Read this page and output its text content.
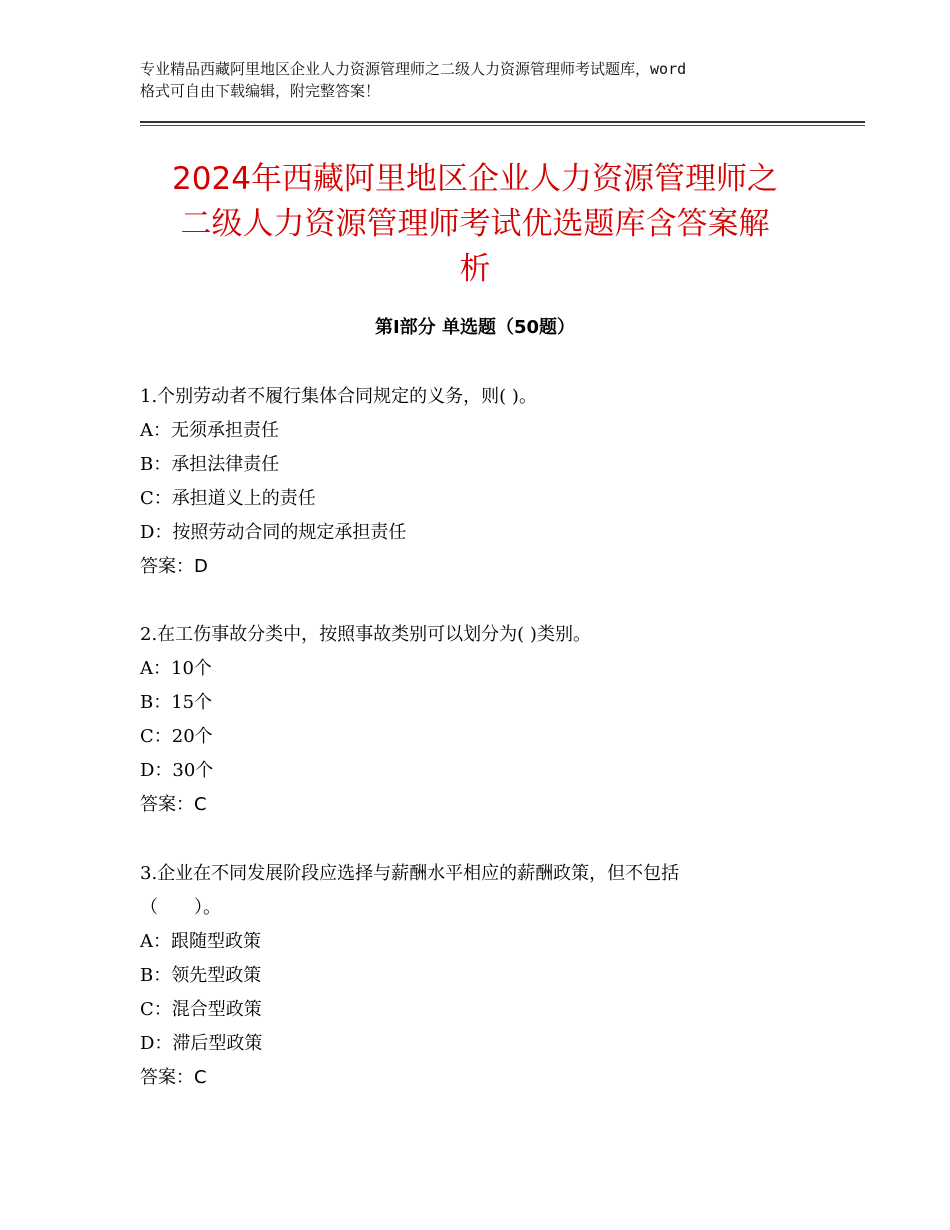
专业精品西藏阿里地区企业人力资源管理师之二级人力资源管理师考试题库，word
格式可自由下载编辑，附完整答案！
2024年西藏阿里地区企业人力资源管理师之
二级人力资源管理师考试优选题库含答案解
析
第Ⅰ部分 单选题（50题）

1.个别劳动者不履行集体合同规定的义务，则( )。

A：无须承担责任

B：承担法律责任

C：承担道义上的责任

D：按照劳动合同的规定承担责任

答案：D

2.在工伤事故分类中，按照事故类别可以划分为( )类别。

A：10个

B：15个

C：20个

D：30个

答案：C

3.企业在不同发展阶段应选择与薪酬水平相应的薪酬政策，但不包括

（　　）。

A：跟随型政策

B：领先型政策

C：混合型政策

D：滞后型政策

答案：C
